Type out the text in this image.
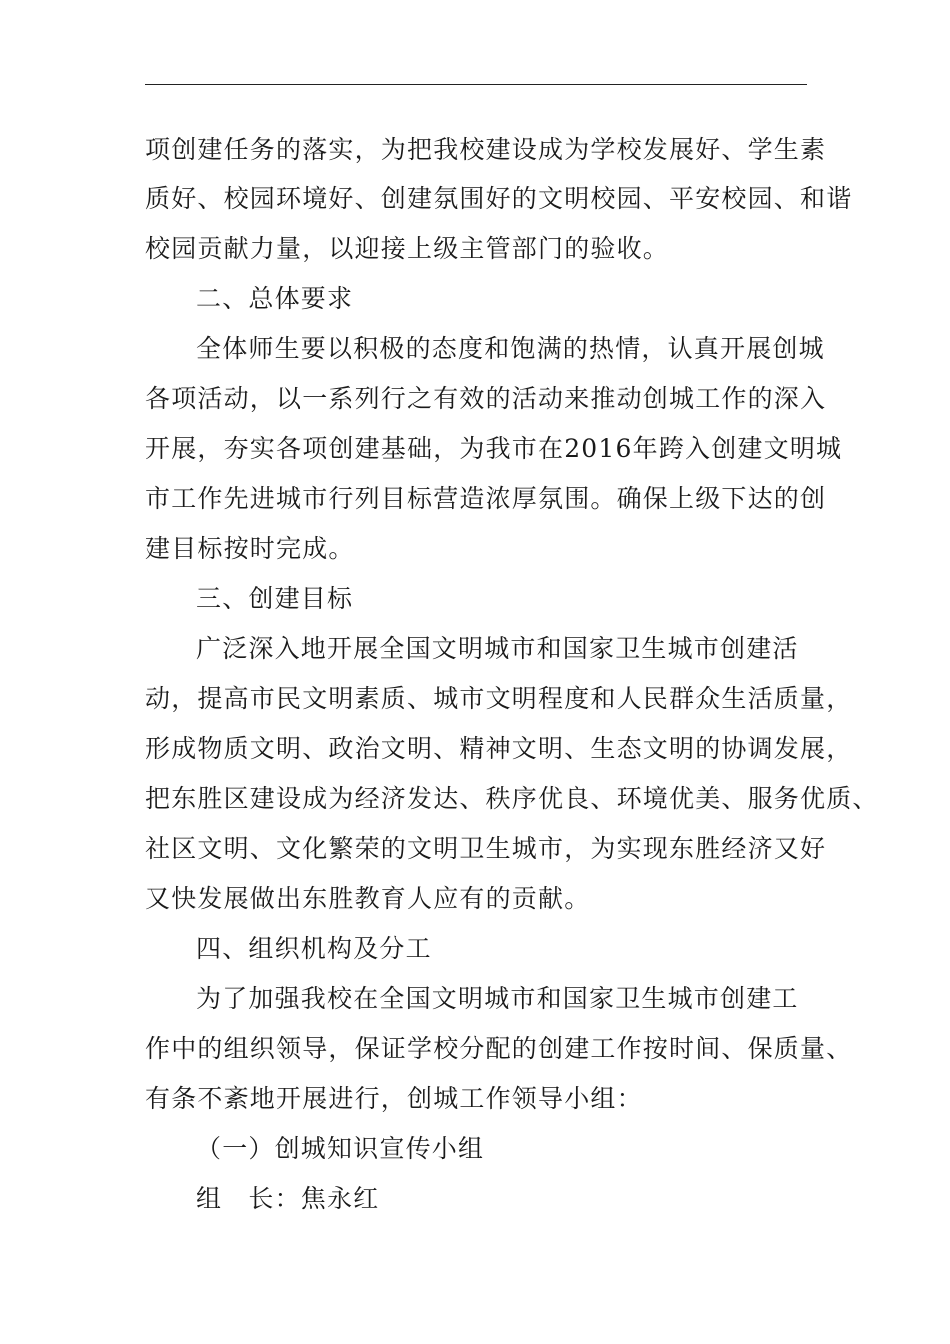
项创建任务的落实，为把我校建设成为学校发展好、学生素
质好、校园环境好、创建氛围好的文明校园、平安校园、和谐
校园贡献力量，以迎接上级主管部门的验收。
二、总体要求
全体师生要以积极的态度和饱满的热情，认真开展创城
各项活动，以一系列行之有效的活动来推动创城工作的深入
开展，夯实各项创建基础，为我市在2016年跨入创建文明城
市工作先进城市行列目标营造浓厚氛围。确保上级下达的创
建目标按时完成。
三、创建目标
广泛深入地开展全国文明城市和国家卫生城市创建活
动，提高市民文明素质、城市文明程度和人民群众生活质量，
形成物质文明、政治文明、精神文明、生态文明的协调发展，
把东胜区建设成为经济发达、秩序优良、环境优美、服务优质、
社区文明、文化繁荣的文明卫生城市，为实现东胜经济又好
又快发展做出东胜教育人应有的贡献。
四、组织机构及分工
为了加强我校在全国文明城市和国家卫生城市创建工
作中的组织领导，保证学校分配的创建工作按时间、保质量、
有条不紊地开展进行，创城工作领导小组：
（一）创城知识宣传小组
组　长：焦永红
